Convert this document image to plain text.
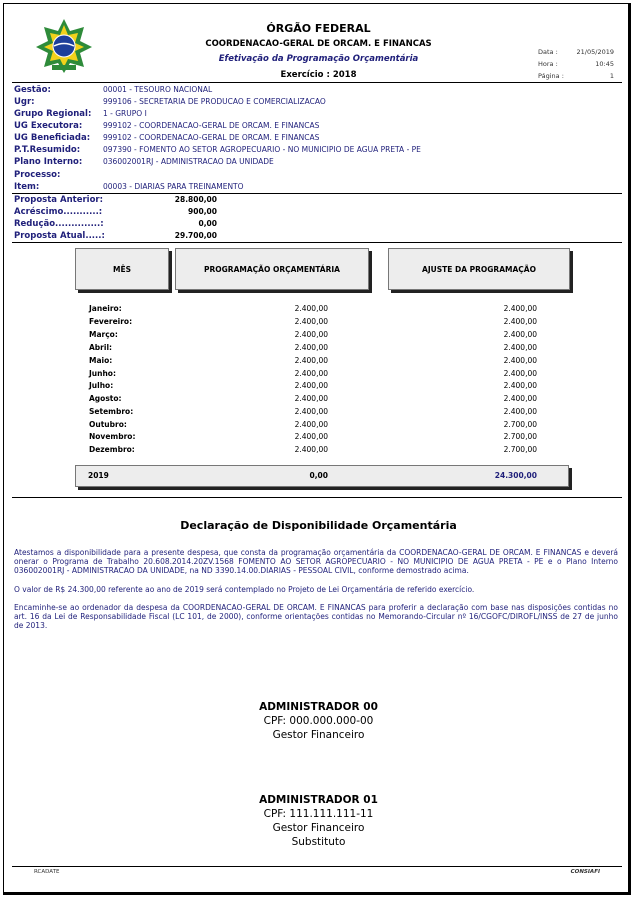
ÓRGÃO FEDERAL
COORDENACAO-GERAL DE ORCAM. E FINANCAS
Efetivação da Programação Orçamentária
Exercício : 2018
Data :	21/05/2019
Hora :	10:45
Página :	1
Gestão:	00001 - TESOURO NACIONAL
Ugr:	999106 - SECRETARIA DE PRODUCAO E COMERCIALIZACAO
Grupo Regional: 1 - GRUPO I
UG Executora:	999102 - COORDENACAO-GERAL DE ORCAM. E FINANCAS
UG Beneficiada: 999102 - COORDENACAO-GERAL DE ORCAM. E FINANCAS
P.T.Resumido:	097390 - FOMENTO AO SETOR AGROPECUARIO - NO MUNICIPIO DE AGUA PRETA - PE
Plano Interno:	036002001RJ - ADMINISTRACAO DA UNIDADE
Processo:
Item:	00003 - DIARIAS PARA TREINAMENTO
Proposta Anterior:	28.800,00
Acréscimo...........:	900,00
Redução..............:	0,00
Proposta Atual.....:	29.700,00
MÊS	PROGRAMAÇÃO ORÇAMENTÁRIA	AJUSTE DA PROGRAMAÇÃO
Janeiro:	2.400,00	2.400,00
Fevereiro:	2.400,00	2.400,00
Março:	2.400,00	2.400,00
Abril:	2.400,00	2.400,00
Maio:	2.400,00	2.400,00
Junho:	2.400,00	2.400,00
Julho:	2.400,00	2.400,00
Agosto:	2.400,00	2.400,00
Setembro:	2.400,00	2.400,00
Outubro:	2.400,00	2.700,00
Novembro:	2.400,00	2.700,00
Dezembro:	2.400,00	2.700,00
2019	0,00	24.300,00
Declaração de Disponibilidade Orçamentária
Atestamos a disponibilidade para a presente despesa, que consta da programação orçamentária da COORDENACAO-GERAL DE ORCAM. E FINANCAS e deverá onerar o Programa de Trabalho 20.608.2014.20ZV.1568 FOMENTO AO SETOR AGROPECUARIO - NO MUNICIPIO DE AGUA PRETA - PE e o Plano Interno 036002001RJ - ADMINISTRACAO DA UNIDADE, na ND 3390.14.00.DIARIAS - PESSOAL CIVIL, conforme demostrado acima.
O valor de R$ 24.300,00 referente ao ano de 2019 será contemplado no Projeto de Lei Orçamentária de referido exercício.
Encaminhe-se ao ordenador da despesa da COORDENACAO-GERAL DE ORCAM. E FINANCAS para proferir a declaração com base nas disposições contidas no art. 16 da Lei de Responsabilidade Fiscal (LC 101, de 2000), conforme orientações contidas no Memorando-Circular nº 16/CGOFC/DIROFL/INSS de 27 de junho de 2013.
ADMINISTRADOR 00
CPF: 000.000.000-00
Gestor Financeiro
ADMINISTRADOR 01
CPF: 111.111.111-11
Gestor Financeiro
Substituto
RCADATE	CONSIAFI
